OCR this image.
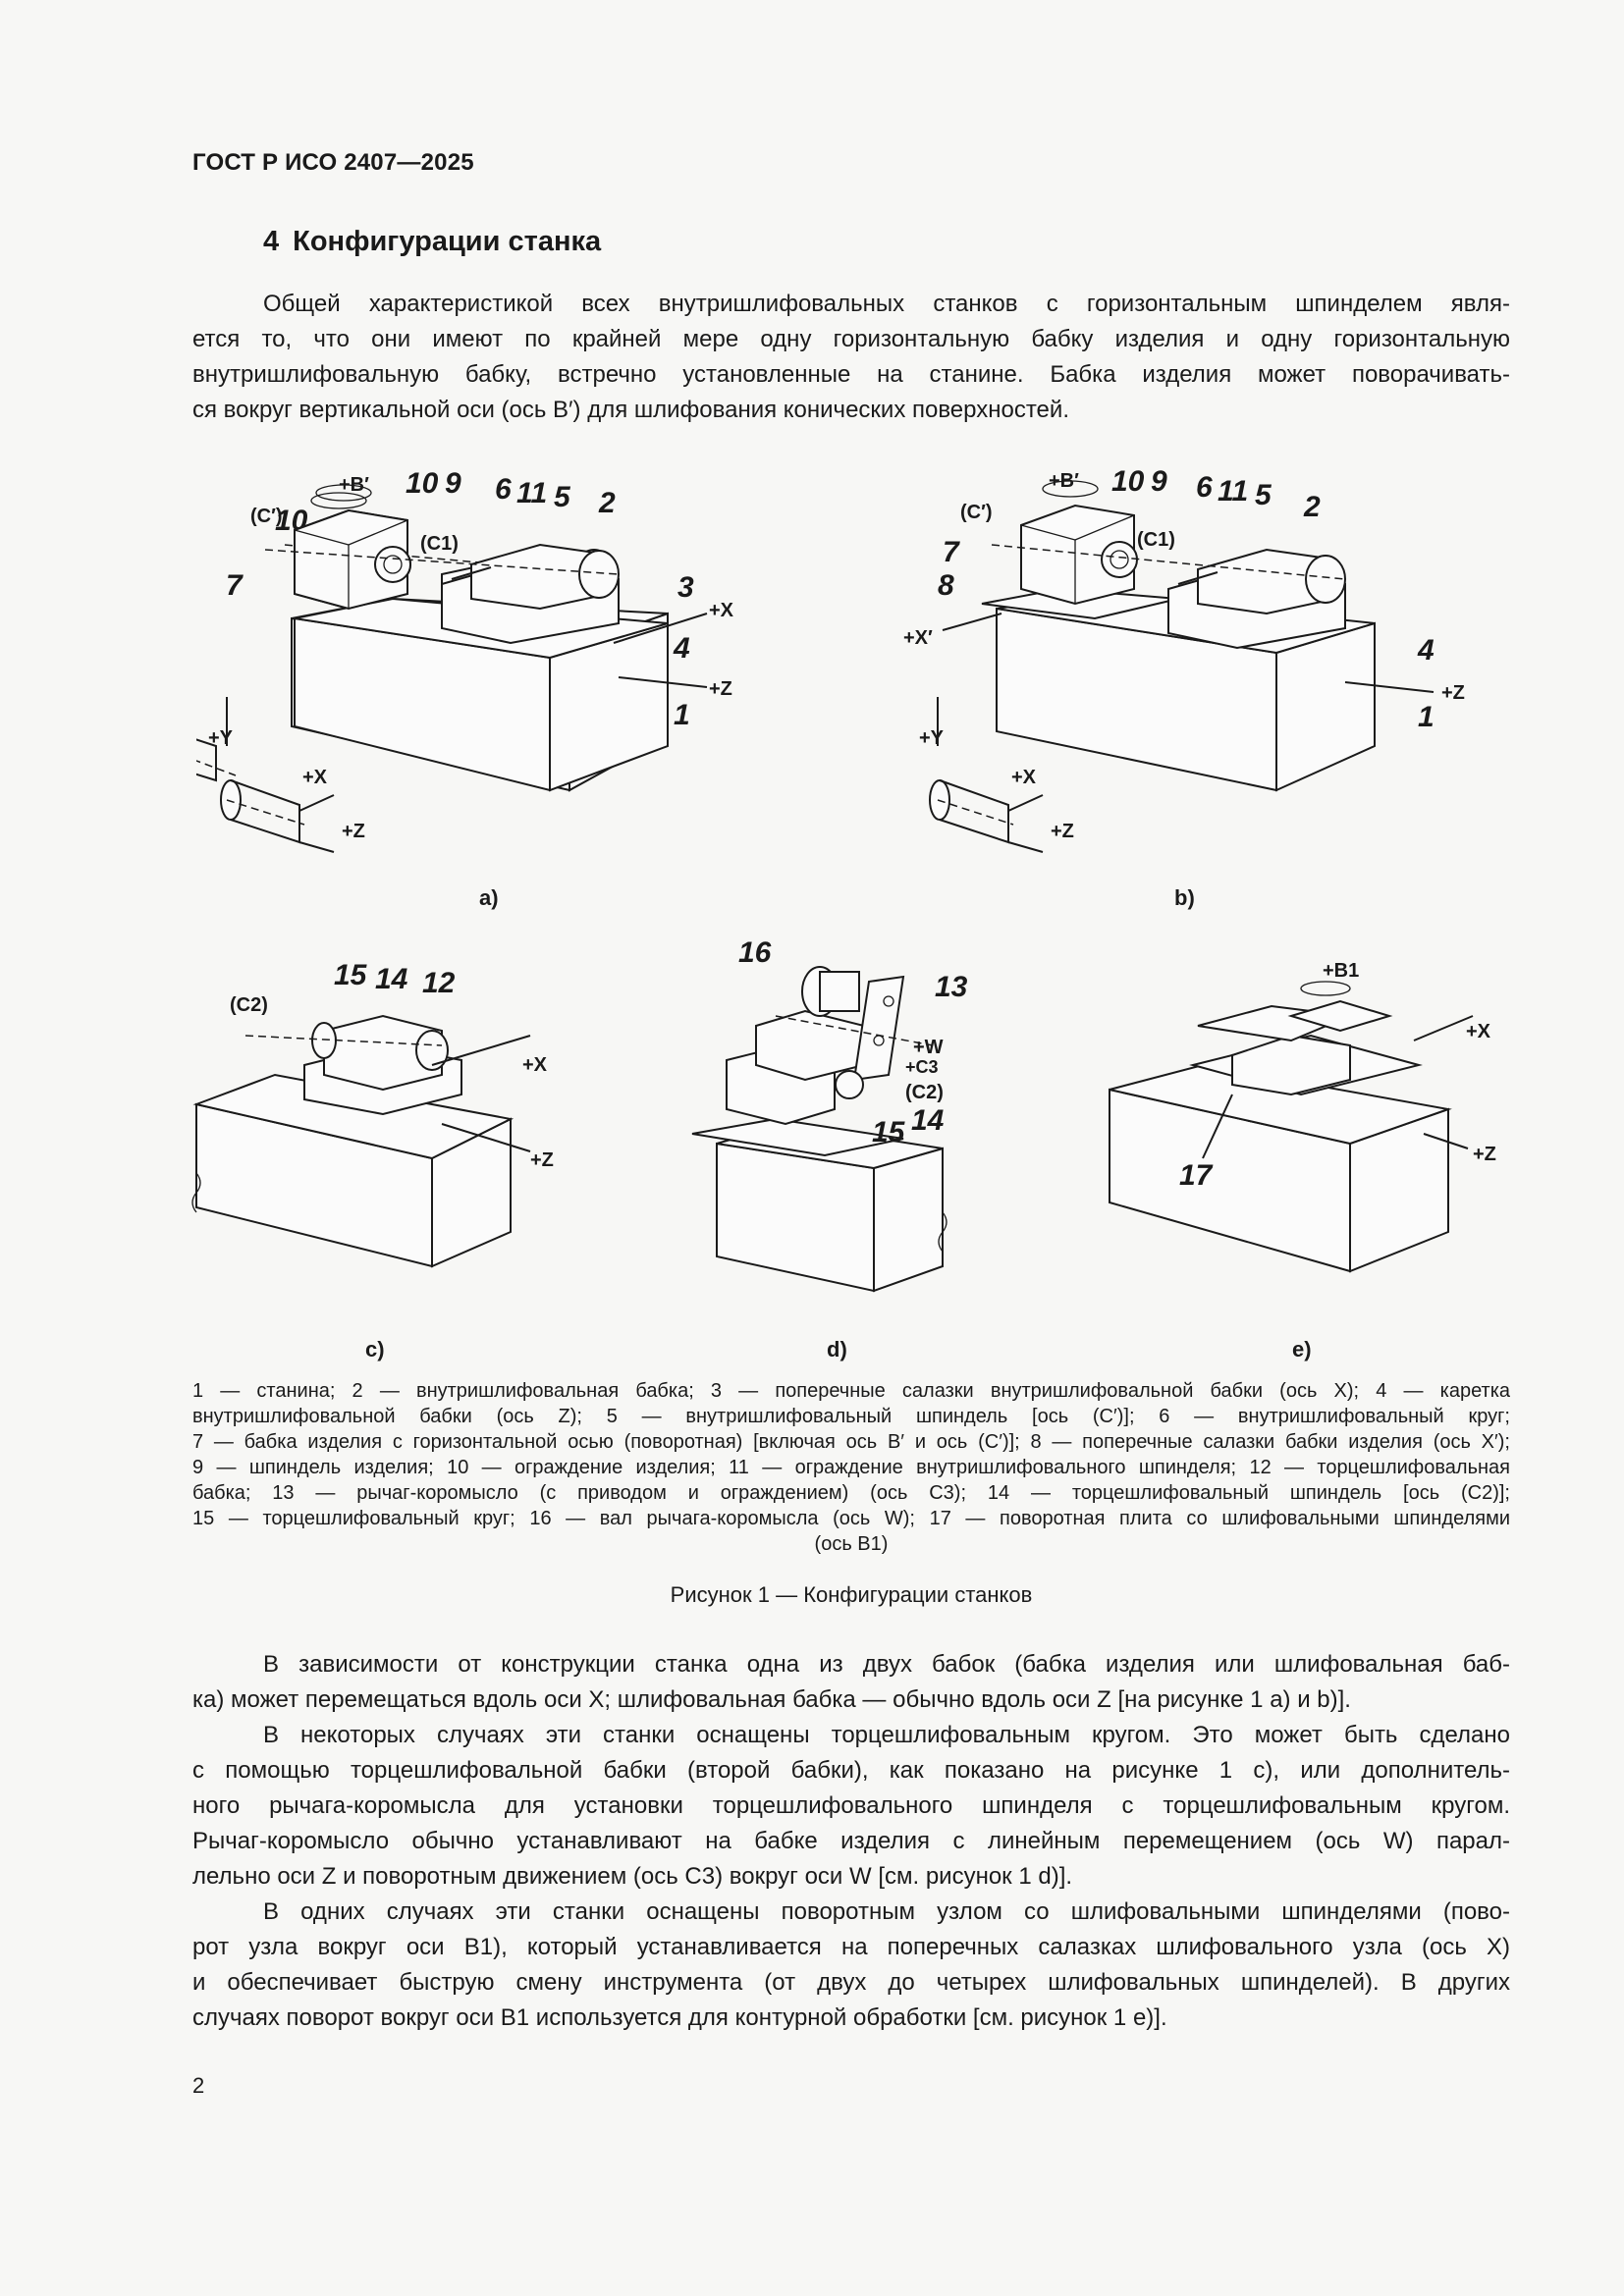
ГОСТ Р ИСО 2407—2025
4 Конфигурации станка
Общей характеристикой всех внутришлифовальных станков с горизонтальным шпинделем явля-
ется то, что они имеют по крайней мере одну горизонтальную бабку изделия и одну горизонтальную
внутришлифовальную бабку, встречно установленные на станине. Бабка изделия может поворачивать-
ся вокруг вертикальной оси (ось B′) для шлифования конических поверхностей.
10
10 9 6 11 5 2
3
4
1
7
+B′
(C′)
(C1)
+X
+Z
+Y
+X
+Z
10 9 6 11 5 2
4
1
7
8
+B′
(C′)
(C1)
+X′
+Z
+Y
+X
+Z
a)	b)
15 14 12
(C2)
+X
+Z
16
13
+W
+C3
(C2)
14
15
+B1
+X
+Z
17
c)	d)	e)
1 — станина; 2 — внутришлифовальная бабка; 3 — поперечные салазки внутришлифовальной бабки (ось X); 4 — каретка
внутришлифовальной бабки (ось Z); 5 — внутришлифовальный шпиндель [ось (C′)]; 6 — внутришлифовальный круг;
7 — бабка изделия с горизонтальной осью (поворотная) [включая ось B′ и ось (C′)]; 8 — поперечные салазки бабки изделия (ось X′);
9 — шпиндель изделия; 10 — ограждение изделия; 11 — ограждение внутришлифовального шпинделя; 12 — торцешлифовальная
бабка; 13 — рычаг-коромысло (с приводом и ограждением) (ось C3); 14 — торцешлифовальный шпиндель [ось (C2)];
15 — торцешлифовальный круг; 16 — вал рычага-коромысла (ось W); 17 — поворотная плита со шлифовальными шпинделями
(ось B1)
Рисунок 1 — Конфигурации станков
В зависимости от конструкции станка одна из двух бабок (бабка изделия или шлифовальная баб-
ка) может перемещаться вдоль оси X; шлифовальная бабка — обычно вдоль оси Z [на рисунке 1 a) и b)].
В некоторых случаях эти станки оснащены торцешлифовальным кругом. Это может быть сделано
с помощью торцешлифовальной бабки (второй бабки), как показано на рисунке 1 c), или дополнитель-
ного рычага-коромысла для установки торцешлифовального шпинделя с торцешлифовальным кругом.
Рычаг-коромысло обычно устанавливают на бабке изделия с линейным перемещением (ось W) парал-
лельно оси Z и поворотным движением (ось C3) вокруг оси W [см. рисунок 1 d)].
В одних случаях эти станки оснащены поворотным узлом со шлифовальными шпинделями (пово-
рот узла вокруг оси B1), который устанавливается на поперечных салазках шлифовального узла (ось X)
и обеспечивает быструю смену инструмента (от двух до четырех шлифовальных шпинделей). В других
случаях поворот вокруг оси B1 используется для контурной обработки [см. рисунок 1 e)].
2
